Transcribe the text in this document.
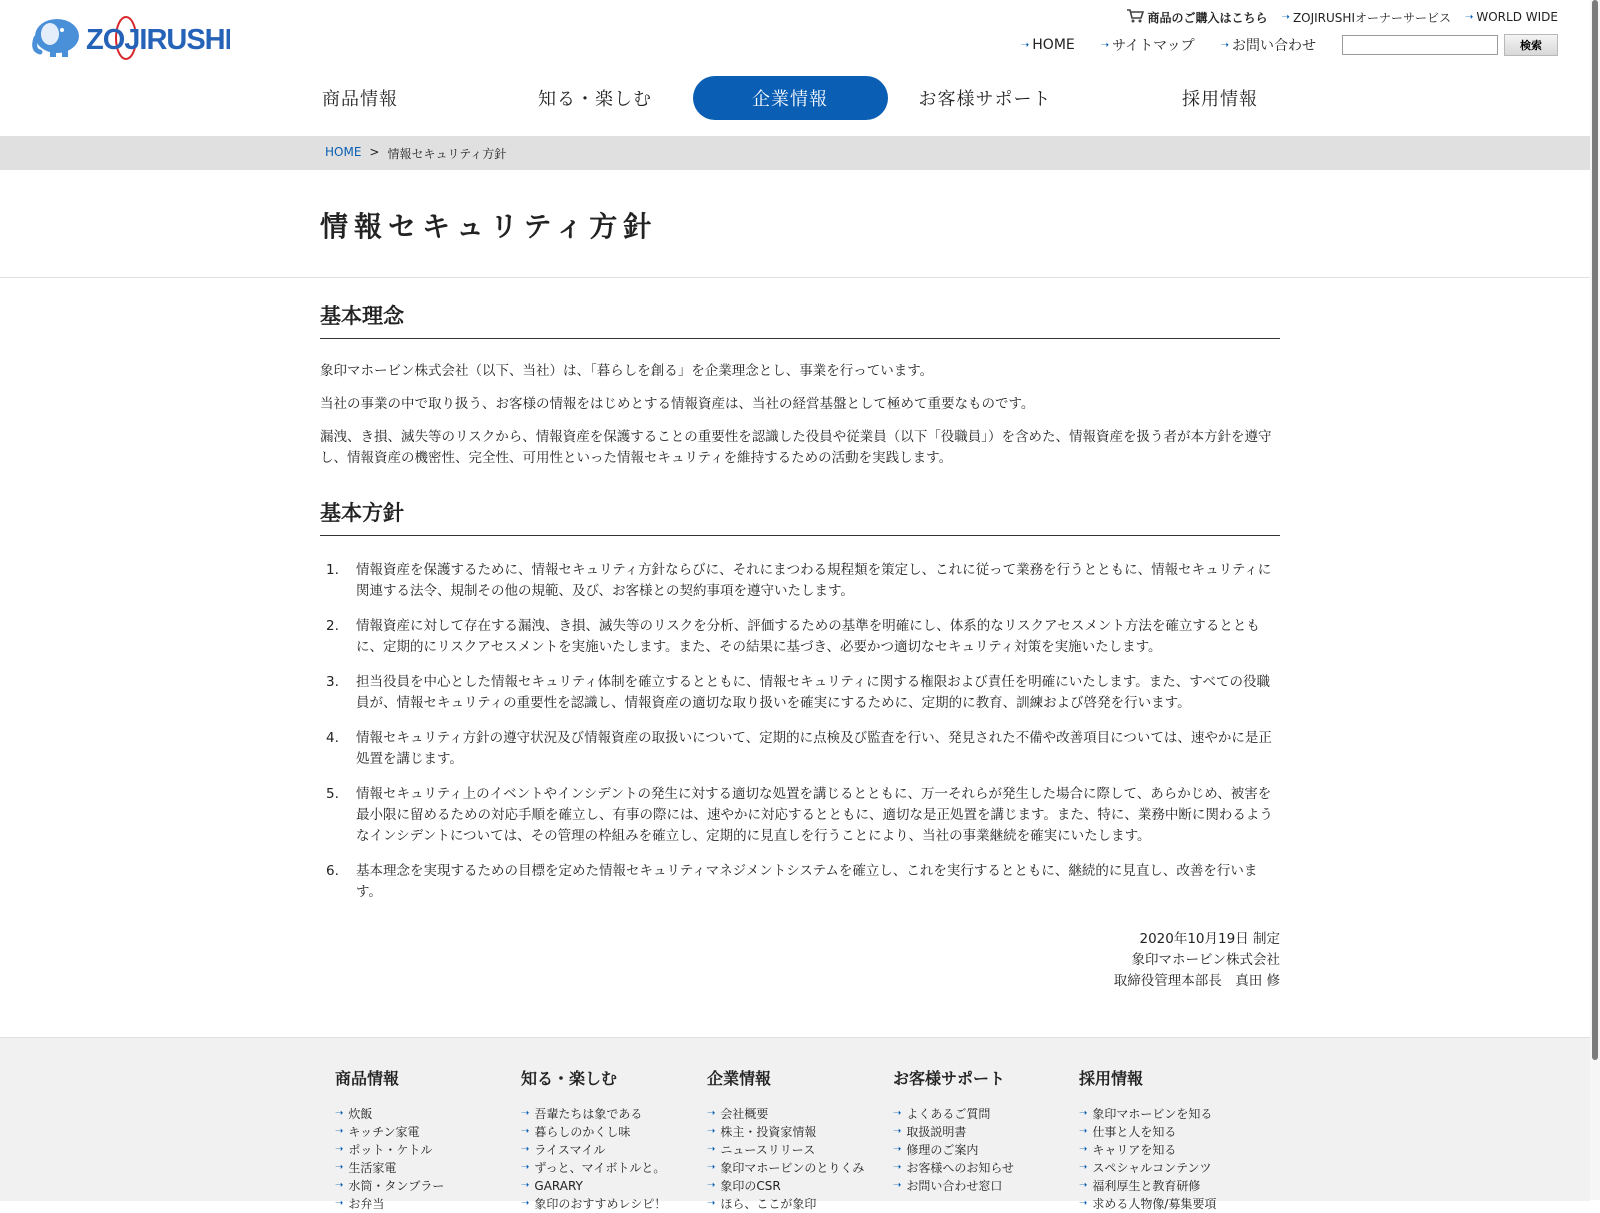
ZOJIRUSHI
商品のご購入はこちら ➝ ZOJIRUSHIオーナーサービス ➝ WORLD WIDE
➝ HOME	➝ サイトマップ	➝ お問い合わせ	検索
商品情報	知る・楽しむ	企業情報	お客様サポート	採用情報
HOME > 情報セキュリティ方針
情報セキュリティ方針
基本理念

象印マホービン株式会社（以下、当社）は、「暮らしを創る」を企業理念とし、事業を行っています。

当社の事業の中で取り扱う、お客様の情報をはじめとする情報資産は、当社の経営基盤として極めて重要なものです。

漏洩、き損、滅失等のリスクから、情報資産を保護することの重要性を認識した役員や従業員（以下「役職員」）を含めた、情報資産を扱う者が本方針を遵守し、情報資産の機密性、完全性、可用性といった情報セキュリティを維持するための活動を実践します。

基本方針
1.	情報資産を保護するために、情報セキュリティ方針ならびに、それにまつわる規程類を策定し、これに従って業務を行うとともに、情報セキュリティに関連する法令、規制その他の規範、及び、お客様との契約事項を遵守いたします。
2.	情報資産に対して存在する漏洩、き損、滅失等のリスクを分析、評価するための基準を明確にし、体系的なリスクアセスメント方法を確立するとともに、定期的にリスクアセスメントを実施いたします。また、その結果に基づき、必要かつ適切なセキュリティ対策を実施いたします。
3.	担当役員を中心とした情報セキュリティ体制を確立するとともに、情報セキュリティに関する権限および責任を明確にいたします。また、すべての役職員が、情報セキュリティの重要性を認識し、情報資産の適切な取り扱いを確実にするために、定期的に教育、訓練および啓発を行います。
4.	情報セキュリティ方針の遵守状況及び情報資産の取扱いについて、定期的に点検及び監査を行い、発見された不備や改善項目については、速やかに是正処置を講じます。
5.	情報セキュリティ上のイベントやインシデントの発生に対する適切な処置を講じるとともに、万一それらが発生した場合に際して、あらかじめ、被害を最小限に留めるための対応手順を確立し、有事の際には、速やかに対応するとともに、適切な是正処置を講じます。また、特に、業務中断に関わるようなインシデントについては、その管理の枠組みを確立し、定期的に見直しを行うことにより、当社の事業継続を確実にいたします。
6.	基本理念を実現するための目標を定めた情報セキュリティマネジメントシステムを確立し、これを実行するとともに、継続的に見直し、改善を行います。
2020年10月19日 制定
象印マホービン株式会社
取締役管理本部長　真田 修
商品情報
➝ 炊飯
➝ キッチン家電
➝ ポット・ケトル
➝ 生活家電
➝ 水筒・タンブラー
➝ お弁当
知る・楽しむ
➝ 吾輩たちは象である
➝ 暮らしのかくし味
➝ ライスマイル
➝ ずっと、マイボトルと。
➝ GARARY
➝ 象印のおすすめレシピ！
企業情報
➝ 会社概要
➝ 株主・投資家情報
➝ ニュースリリース
➝ 象印マホービンのとりくみ
➝ 象印のCSR
➝ ほら、ここが象印
お客様サポート
➝ よくあるご質問
➝ 取扱説明書
➝ 修理のご案内
➝ お客様へのお知らせ
➝ お問い合わせ窓口
採用情報
➝ 象印マホービンを知る
➝ 仕事と人を知る
➝ キャリアを知る
➝ スペシャルコンテンツ
➝ 福利厚生と教育研修
➝ 求める人物像/募集要項
